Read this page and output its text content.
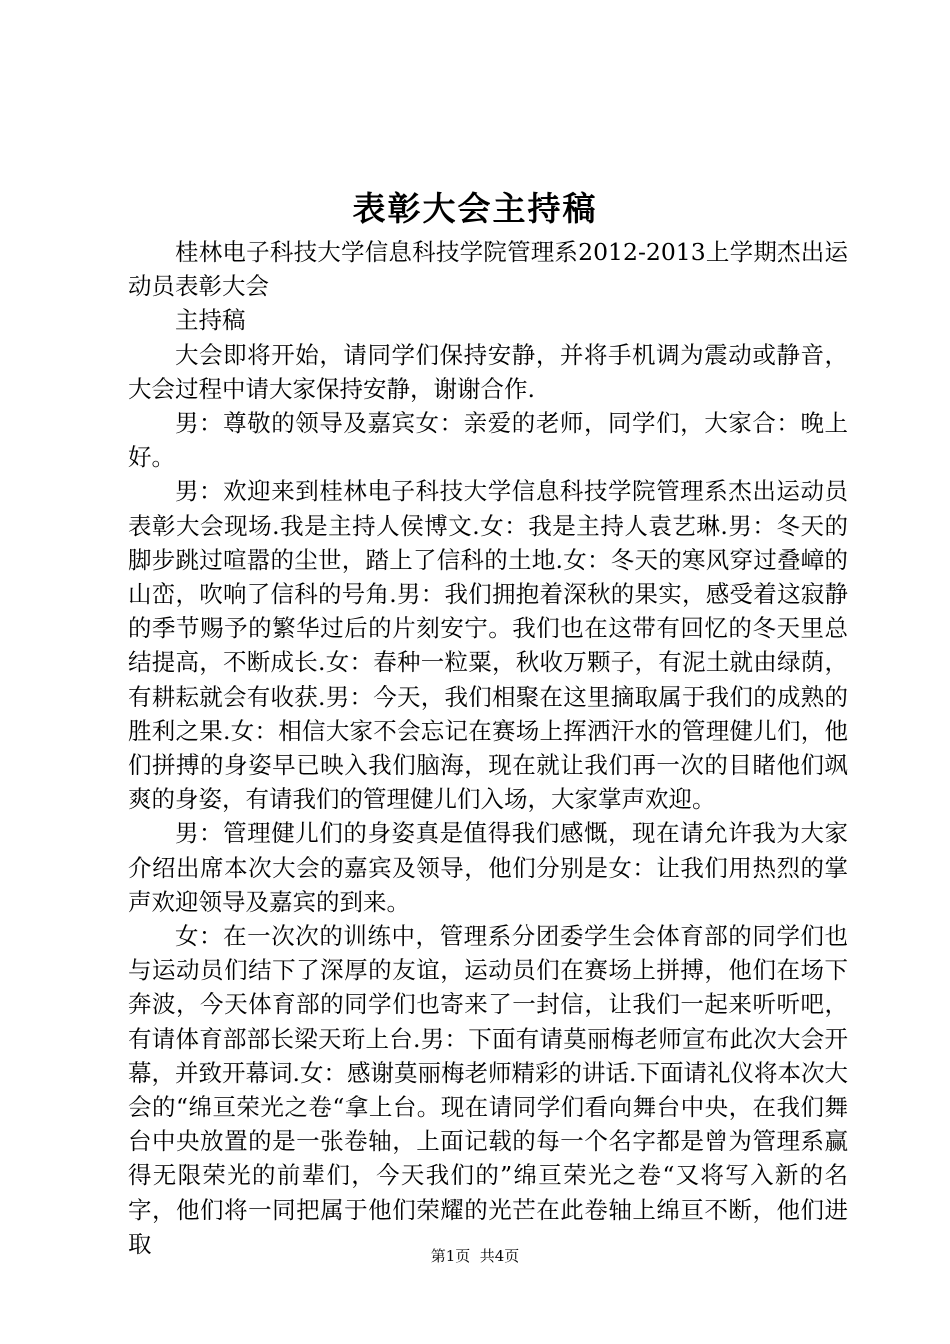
表彰大会主持稿

桂林电子科技大学信息科技学院管理系2012-2013上学期杰出运动员表彰大会

主持稿

大会即将开始，请同学们保持安静，并将手机调为震动或静音，大会过程中请大家保持安静，谢谢合作.

男：尊敬的领导及嘉宾女：亲爱的老师，同学们，大家合：晚上好。

男：欢迎来到桂林电子科技大学信息科技学院管理系杰出运动员表彰大会现场.我是主持人侯博文.女：我是主持人袁艺琳.男：冬天的脚步跳过喧嚣的尘世，踏上了信科的土地.女：冬天的寒风穿过叠嶂的山峦，吹响了信科的号角.男：我们拥抱着深秋的果实，感受着这寂静的季节赐予的繁华过后的片刻安宁。我们也在这带有回忆的冬天里总结提高，不断成长.女：春种一粒粟，秋收万颗子，有泥土就由绿荫，有耕耘就会有收获.男：今天，我们相聚在这里摘取属于我们的成熟的胜利之果.女：相信大家不会忘记在赛场上挥洒汗水的管理健儿们，他们拼搏的身姿早已映入我们脑海，现在就让我们再一次的目睹他们飒爽的身姿，有请我们的管理健儿们入场，大家掌声欢迎。

男：管理健儿们的身姿真是值得我们感慨，现在请允许我为大家介绍出席本次大会的嘉宾及领导，他们分别是女：让我们用热烈的掌声欢迎领导及嘉宾的到来。

女：在一次次的训练中，管理系分团委学生会体育部的同学们也与运动员们结下了深厚的友谊，运动员们在赛场上拼搏，他们在场下奔波，今天体育部的同学们也寄来了一封信，让我们一起来听听吧，有请体育部部长梁天珩上台.男：下面有请莫丽梅老师宣布此次大会开幕，并致开幕词.女：感谢莫丽梅老师精彩的讲话.下面请礼仪将本次大会的“绵亘荣光之卷“拿上台。现在请同学们看向舞台中央，在我们舞台中央放置的是一张卷轴，上面记载的每一个名字都是曾为管理系赢得无限荣光的前辈们，今天我们的”绵亘荣光之卷“又将写入新的名字，他们将一同把属于他们荣耀的光芒在此卷轴上绵亘不断，他们进取	第1页  共4页
